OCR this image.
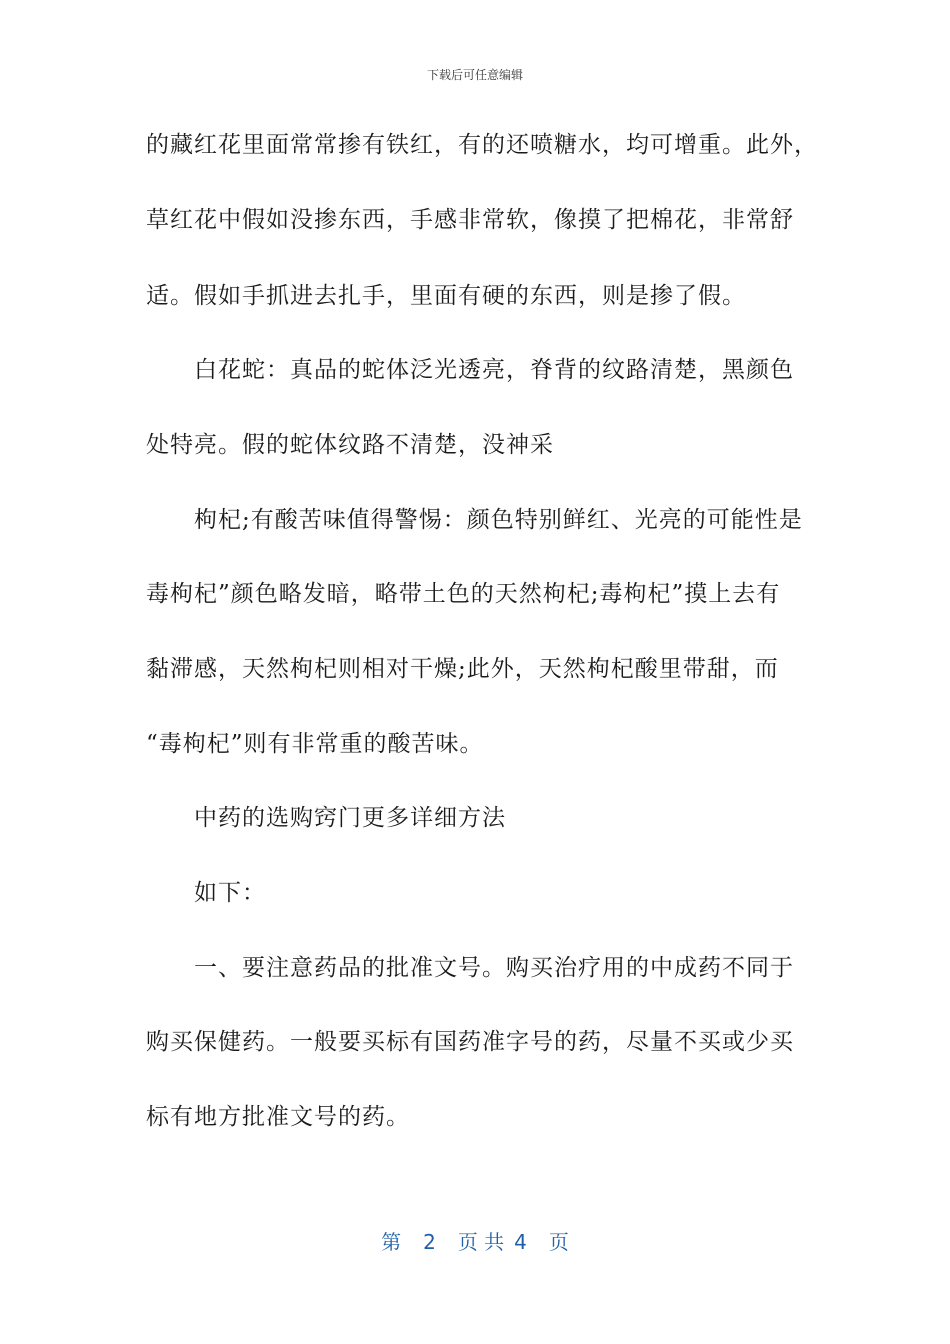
下载后可任意编辑
的藏红花里面常常掺有铁红，有的还喷糖水，均可增重。此外，
草红花中假如没掺东西，手感非常软，像摸了把棉花，非常舒
适。假如手抓进去扎手，里面有硬的东西，则是掺了假。
白花蛇：真品的蛇体泛光透亮，脊背的纹路清楚，黑颜色
处特亮。假的蛇体纹路不清楚，没神采
枸杞;有酸苦味值得警惕：颜色特别鲜红、光亮的可能性是
毒枸杞”颜色略发暗，略带土色的天然枸杞;毒枸杞”摸上去有
黏滞感，天然枸杞则相对干燥;此外，天然枸杞酸里带甜，而
“毒枸杞”则有非常重的酸苦味。
中药的选购窍门更多详细方法
如下：
一、要注意药品的批准文号。购买治疗用的中成药不同于
购买保健药。一般要买标有国药准字号的药，尽量不买或少买
标有地方批准文号的药。
第 2 页 共 4 页
